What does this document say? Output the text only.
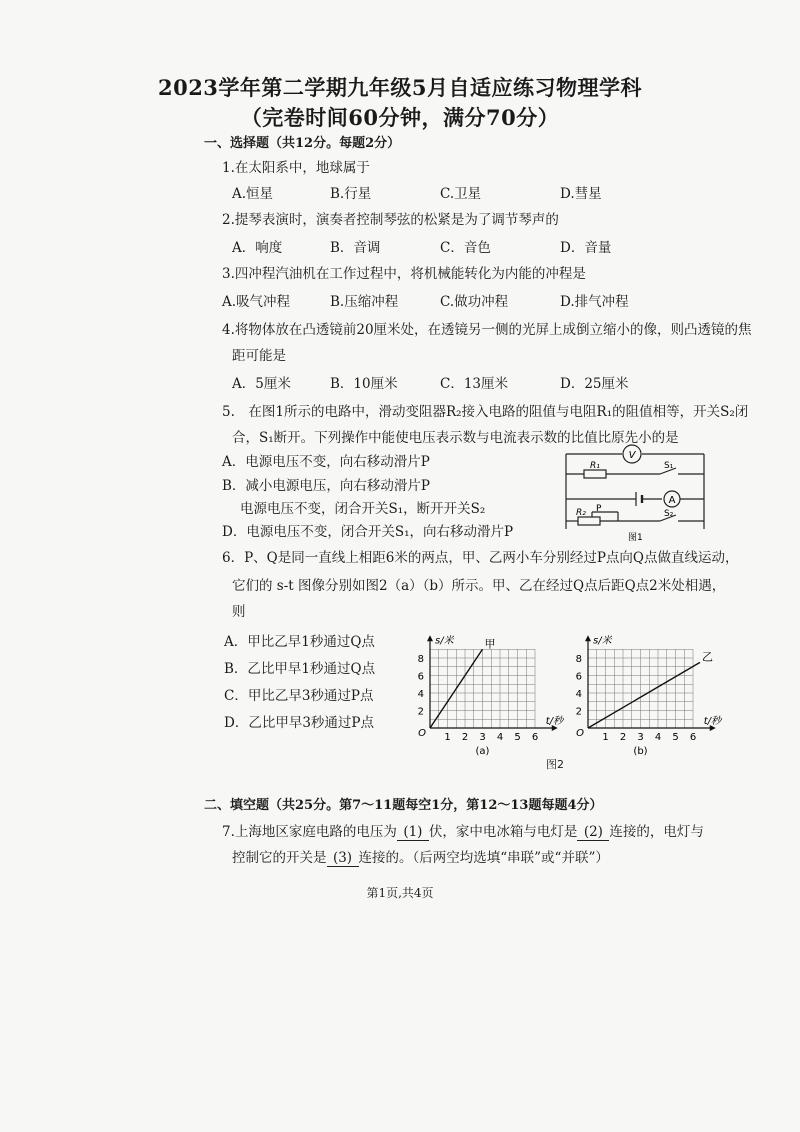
2023学年第二学期九年级5月自适应练习物理学科
（完卷时间60分钟，满分70分）
一、选择题（共12分。每题2分）
1.在太阳系中，地球属于
A.恒星	B.行星	C.卫星	D.彗星
2.提琴表演时，演奏者控制琴弦的松紧是为了调节琴声的
A．响度	B．音调	C．音色	D．音量
3.四冲程汽油机在工作过程中，将机械能转化为内能的冲程是
A.吸气冲程	B.压缩冲程	C.做功冲程	D.排气冲程
4.将物体放在凸透镜前20厘米处，在透镜另一侧的光屏上成倒立缩小的像，则凸透镜的焦
距可能是
A．5厘米	B．10厘米	C．13厘米	D．25厘米
5.　在图1所示的电路中，滑动变阻器R₂接入电路的阻值与电阻R₁的阻值相等，开关S₂闭
合，S₁断开。下列操作中能使电压表示数与电流表示数的比值比原先小的是
A．电源电压不变，向右移动滑片P
B．减小电源电压，向右移动滑片P
电源电压不变，闭合开关S₁，断开开关S₂
D．电源电压不变，闭合开关S₁，向右移动滑片P
V
A
R₁
R₂ P
S₁
S₂
图1
6．P、Q是同一直线上相距6米的两点，甲、乙两小车分别经过P点向Q点做直线运动，
它们的 s-t 图像分别如图2（a）（b）所示。甲、乙在经过Q点后距Q点2米处相遇，
则
A．甲比乙早1秒通过Q点
B．乙比甲早1秒通过Q点
C．甲比乙早3秒通过P点
D．乙比甲早3秒通过P点
1 2 3 4 5 6
2
4
6
8
O
s/米
t/秒
甲
(a)
1 2 3 4 5 6
2
4
6
8
O
s/米
t/秒
乙
(b)
图2
二、填空题（共25分。第7～11题每空1分，第12～13题每题4分）
7.上海地区家庭电路的电压为 (1) 伏，家中电冰箱与电灯是 (2) 连接的，电灯与
控制它的开关是 (3) 连接的。（后两空均选填“串联”或“并联”）
第1页,共4页
